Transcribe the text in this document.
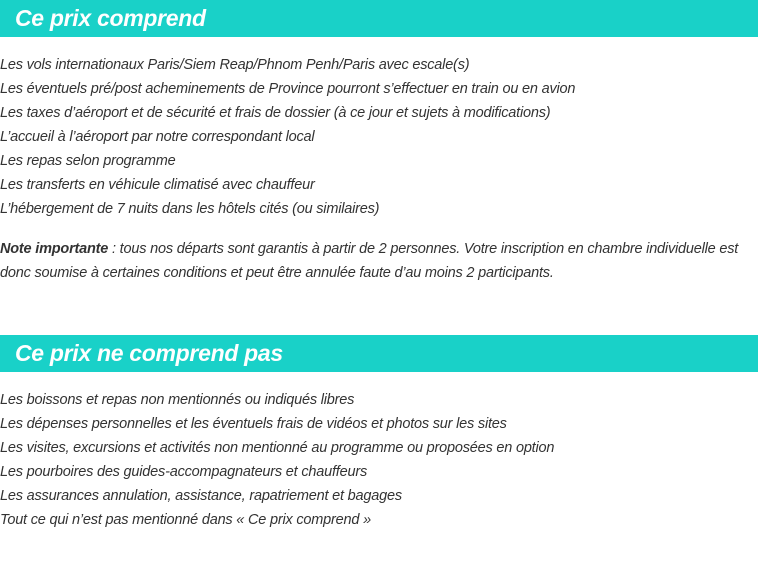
Ce prix comprend
Les vols internationaux Paris/Siem Reap/Phnom Penh/Paris avec escale(s)
Les éventuels pré/post acheminements de Province pourront s’effectuer en train ou en avion
Les taxes d’aéroport et de sécurité et frais de dossier (à ce jour et sujets à modifications)
L’accueil à l’aéroport par notre correspondant local
Les repas selon programme
Les transferts en véhicule climatisé avec chauffeur
L’hébergement de 7 nuits dans les hôtels cités (ou similaires)

Note importante : tous nos départs sont garantis à partir de 2 personnes. Votre inscription en chambre individuelle est donc soumise à certaines conditions et peut être annulée faute d’au moins 2 participants.

Ce prix ne comprend pas
Les boissons et repas non mentionnés ou indiqués libres
Les dépenses personnelles et les éventuels frais de vidéos et photos sur les sites
Les visites, excursions et activités non mentionné au programme ou proposées en option
Les pourboires des guides-accompagnateurs et chauffeurs
Les assurances annulation, assistance, rapatriement et bagages
Tout ce qui n’est pas mentionné dans « Ce prix comprend »
